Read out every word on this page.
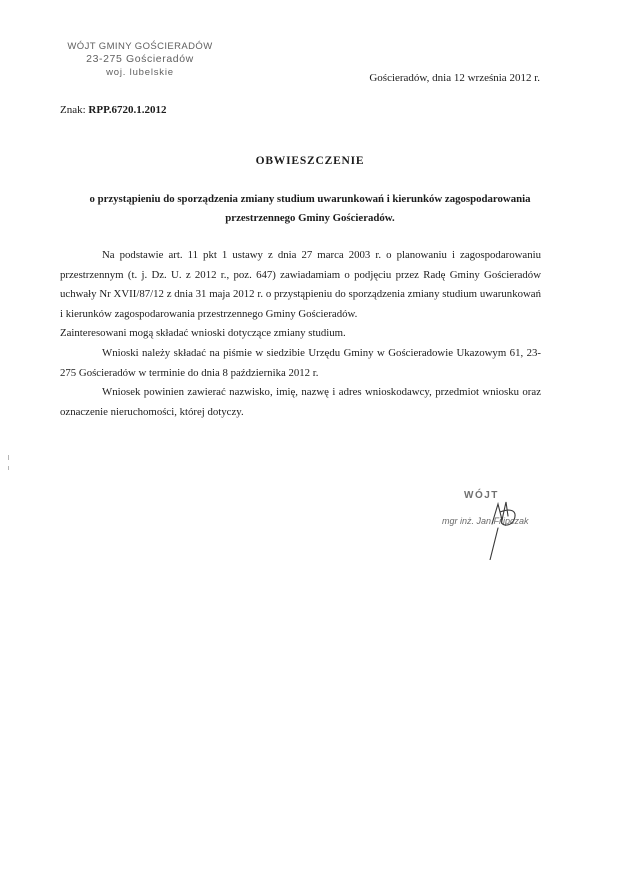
WÓJT GMINY GOŚCIERADÓW
23-275 Gościeradów
woj. lubelskie	Gościeradów, dnia 12 września 2012 r.
Znak: RPP.6720.1.2012
OBWIESZCZENIE
o przystąpieniu do sporządzenia zmiany studium uwarunkowań i kierunków zagospodarowania przestrzennego Gminy Gościeradów.

Na podstawie art. 11 pkt 1 ustawy z dnia 27 marca 2003 r. o planowaniu i zagospodarowaniu przestrzennym (t. j. Dz. U. z 2012 r., poz. 647) zawiadamiam o podjęciu przez Radę Gminy Gościeradów uchwały Nr XVII/87/12 z dnia 31 maja 2012 r. o przystąpieniu do sporządzenia zmiany studium uwarunkowań i kierunków zagospodarowania przestrzennego Gminy Gościeradów.

Zainteresowani mogą składać wnioski dotyczące zmiany studium.

Wnioski należy składać na piśmie w siedzibie Urzędu Gminy w Gościeradowie Ukazowym 61, 23-275 Gościeradów w terminie do dnia 8 października 2012 r.

Wniosek powinien zawierać nazwisko, imię, nazwę i adres wnioskodawcy, przedmiot wniosku oraz oznaczenie nieruchomości, której dotyczy.

WÓJT
mgr inż. Jan Filipczak
